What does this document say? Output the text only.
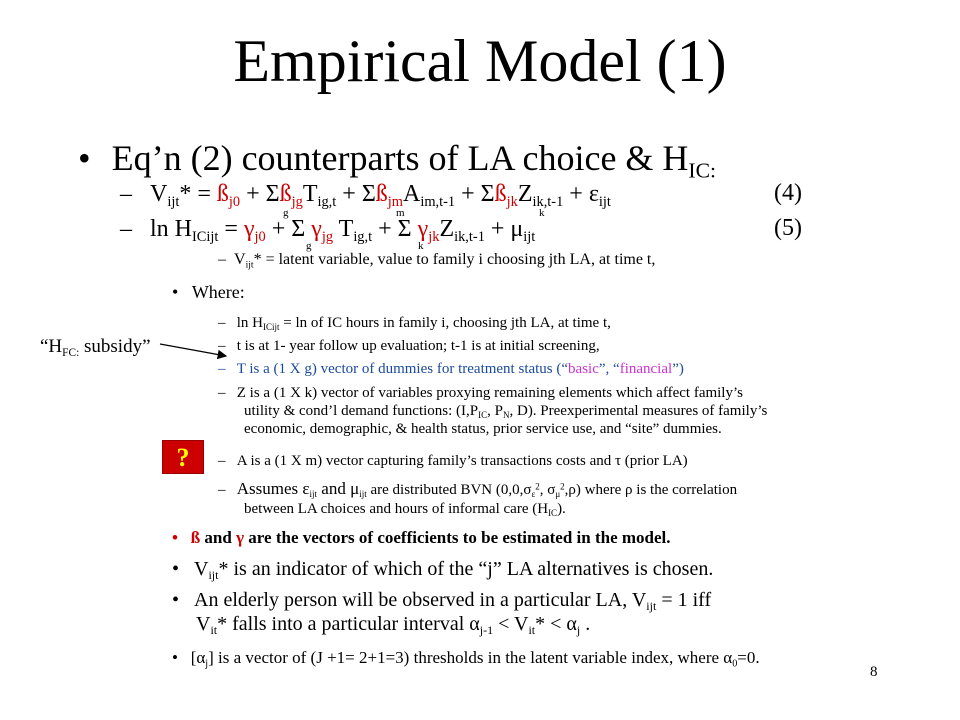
Empirical Model (1)
• Eq’n (2) counterparts of LA choice & $H_{IC:}$
– $V_{ijt}*$ = $ß_{j0}$ + $\Sigma ß_{jg}T_{ig,t}$ + $\Sigma ß_{jm}A_{im,t-1}$ + $\Sigma ß_{jk}Z_{ik,t-1} + \varepsilon_{ijt}$	(4)
g	m	k
– $\ln H_{ICijt} = \gamma_{j0} + \Sigma$ $\gamma_{jg}$ $T_{ig,t} + \Sigma$ $\gamma_{jk}Z_{ik,t-1} + \mu_{ijt}$	(5)
g	k
– $V_{ijt}*$ = latent variable, value to family i choosing jth LA, at time t,
• Where:
–   $\ln H_{ICijt} = \ln$ of IC hours in family i, choosing jth LA, at time t,
–   t is at 1- year follow up evaluation; t-1 is at initial screening,
–   T is a (1 X g) vector of dummies for treatment status (“basic”, “financial”)
–   Z is a (1 X k) vector of variables proxying remaining elements which affect family’s
utility & cond’l demand functions: ($I,P_{IC}$, $P_N$, D). Preexperimental measures of family’s
economic, demographic, & health status, prior service use, and “site” dummies.
–   A is a (1 X m) vector capturing family’s transactions costs and τ (prior LA)
–   Assumes $\varepsilon_{ijt}$ and $\mu_{ijt}$ are distributed BVN ($0,0,\sigma_\varepsilon^2$, $\sigma_\mu^2,\rho$) where ρ is the correlation
between LA choices and hours of informal care $(H_{IC})$.
• ß and γ are the vectors of coefficients to be estimated in the model.
•   $V_{ijt}*$ is an indicator of which of the “j” LA alternatives is chosen.
•   An elderly person will be observed in a particular LA, $V_{ijt} = 1$ iff
$V_{it}*$ falls into a particular interval $\alpha_{j-1} < V_{it}* < \alpha_j$ .
•   $[\alpha_j]$ is a vector of (J +1= 2+1=3) thresholds in the latent variable index, where $\alpha_0=0$.
8
“$H_{FC:}$ subsidy”
?
